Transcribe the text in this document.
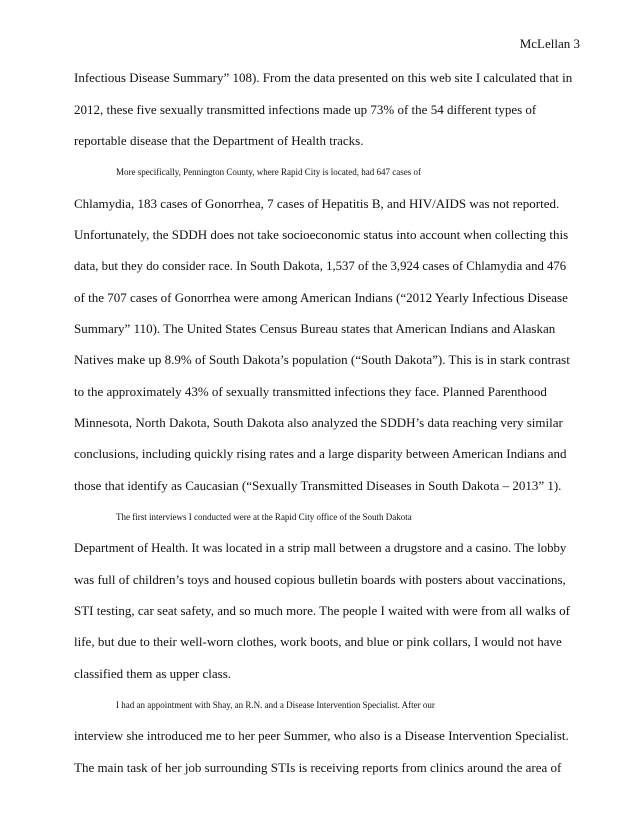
McLellan 3
Infectious Disease Summary” 108). From the data presented on this web site I calculated that in
2012, these five sexually transmitted infections made up 73% of the 54 different types of
reportable disease that the Department of Health tracks.
More specifically, Pennington County, where Rapid City is located, had 647 cases of
Chlamydia, 183 cases of Gonorrhea, 7 cases of Hepatitis B, and HIV/AIDS was not reported.
Unfortunately, the SDDH does not take socioeconomic status into account when collecting this
data, but they do consider race. In South Dakota, 1,537 of the 3,924 cases of Chlamydia and 476
of the 707 cases of Gonorrhea were among American Indians (“2012 Yearly Infectious Disease
Summary” 110). The United States Census Bureau states that American Indians and Alaskan
Natives make up 8.9% of South Dakota’s population (“South Dakota”). This is in stark contrast
to the approximately 43% of sexually transmitted infections they face. Planned Parenthood
Minnesota, North Dakota, South Dakota also analyzed the SDDH’s data reaching very similar
conclusions, including quickly rising rates and a large disparity between American Indians and
those that identify as Caucasian (“Sexually Transmitted Diseases in South Dakota – 2013” 1).
The first interviews I conducted were at the Rapid City office of the South Dakota
Department of Health. It was located in a strip mall between a drugstore and a casino. The lobby
was full of children’s toys and housed copious bulletin boards with posters about vaccinations,
STI testing, car seat safety, and so much more. The people I waited with were from all walks of
life, but due to their well-worn clothes, work boots, and blue or pink collars, I would not have
classified them as upper class.
I had an appointment with Shay, an R.N. and a Disease Intervention Specialist. After our
interview she introduced me to her peer Summer, who also is a Disease Intervention Specialist.
The main task of her job surrounding STIs is receiving reports from clinics around the area of
